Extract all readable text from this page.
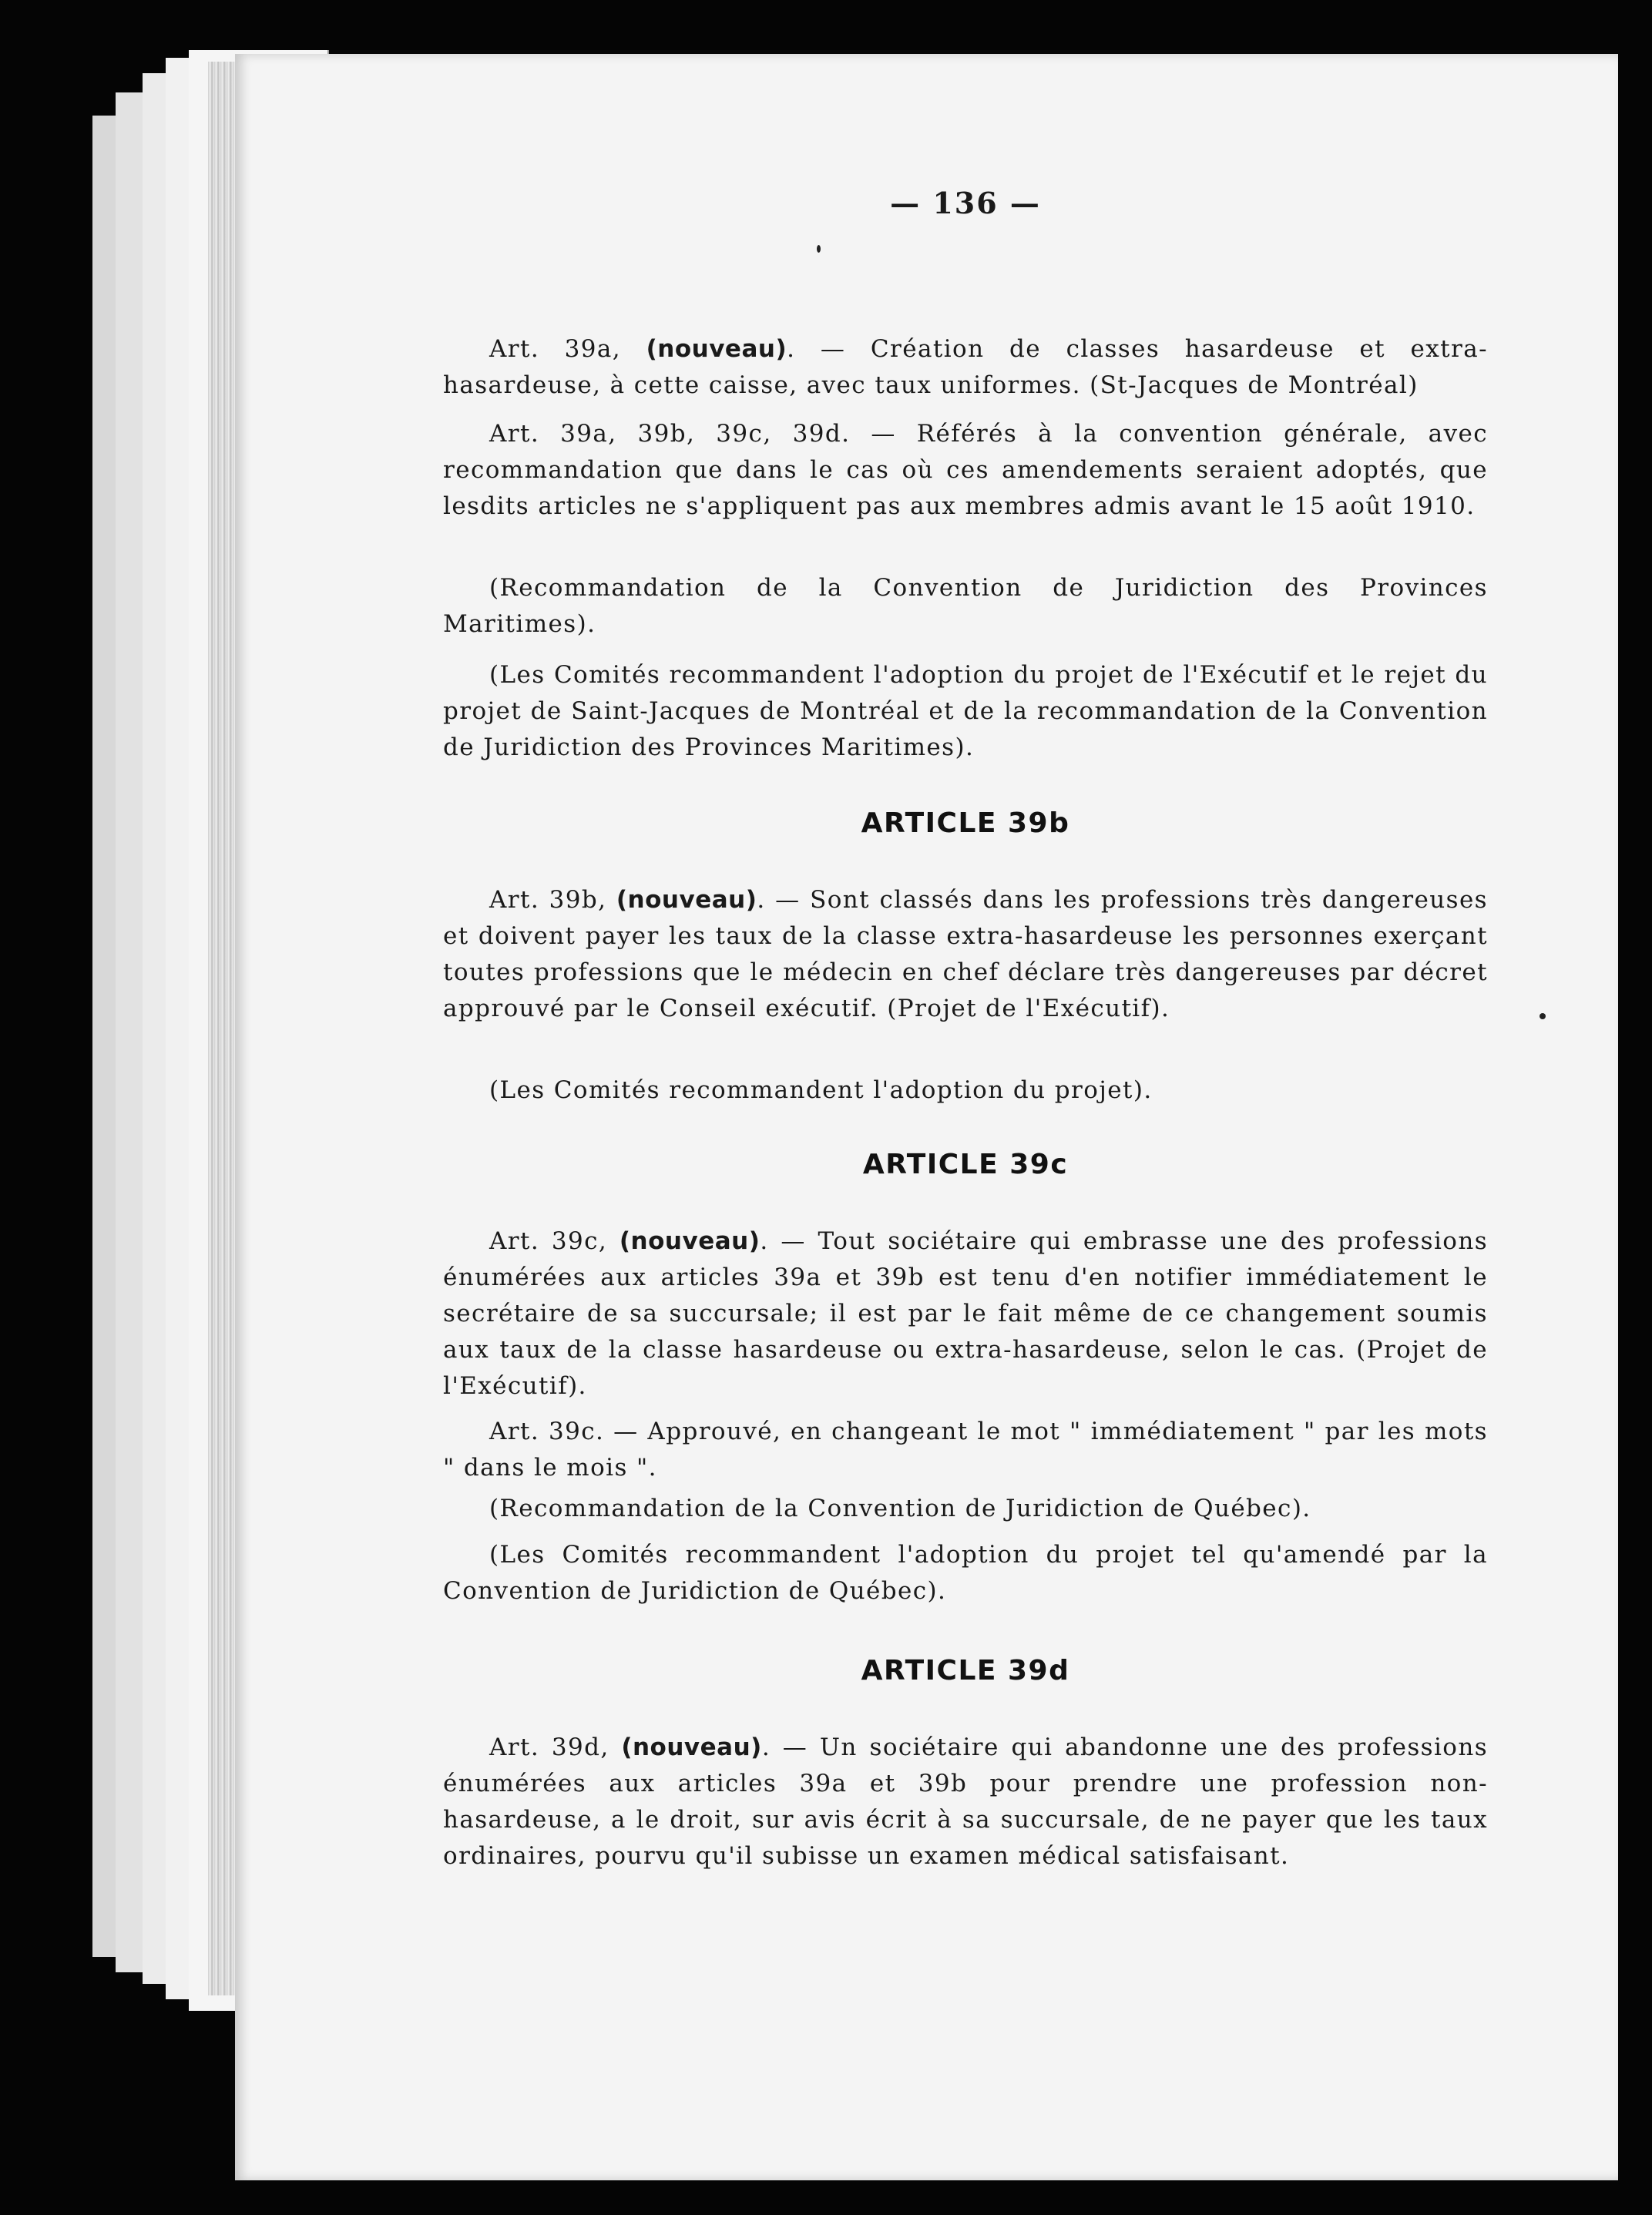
— 136 —

Art. 39a, (nouveau). — Création de classes hasardeuse et extra-hasardeuse, à cette caisse, avec taux uniformes. (St-Jacques de Montréal)

Art. 39a, 39b, 39c, 39d. — Référés à la convention générale, avec recommandation que dans le cas où ces amendements seraient adoptés, que lesdits articles ne s'appliquent pas aux membres admis avant le 15 août 1910.

(Recommandation de la Convention de Juridiction des Provinces Maritimes).

(Les Comités recommandent l'adoption du projet de l'Exécutif et le rejet du projet de Saint-Jacques de Montréal et de la recommandation de la Convention de Juridiction des Provinces Maritimes).

ARTICLE 39b

Art. 39b, (nouveau). — Sont classés dans les professions très dangereuses et doivent payer les taux de la classe extra-hasardeuse les personnes exerçant toutes professions que le médecin en chef déclare très dangereuses par décret approuvé par le Conseil exécutif. (Projet de l'Exécutif).

(Les Comités recommandent l'adoption du projet).

ARTICLE 39c

Art. 39c, (nouveau). — Tout sociétaire qui embrasse une des professions énumérées aux articles 39a et 39b est tenu d'en notifier immédiatement le secrétaire de sa succursale; il est par le fait même de ce changement soumis aux taux de la classe hasardeuse ou extra-hasardeuse, selon le cas. (Projet de l'Exécutif).

Art. 39c. — Approuvé, en changeant le mot " immédiatement " par les mots " dans le mois ".

(Recommandation de la Convention de Juridiction de Québec).

(Les Comités recommandent l'adoption du projet tel qu'amendé par la Convention de Juridiction de Québec).

ARTICLE 39d

Art. 39d, (nouveau). — Un sociétaire qui abandonne une des professions énumérées aux articles 39a et 39b pour prendre une profession non-hasardeuse, a le droit, sur avis écrit à sa succursale, de ne payer que les taux ordinaires, pourvu qu'il subisse un examen médical satisfaisant.
